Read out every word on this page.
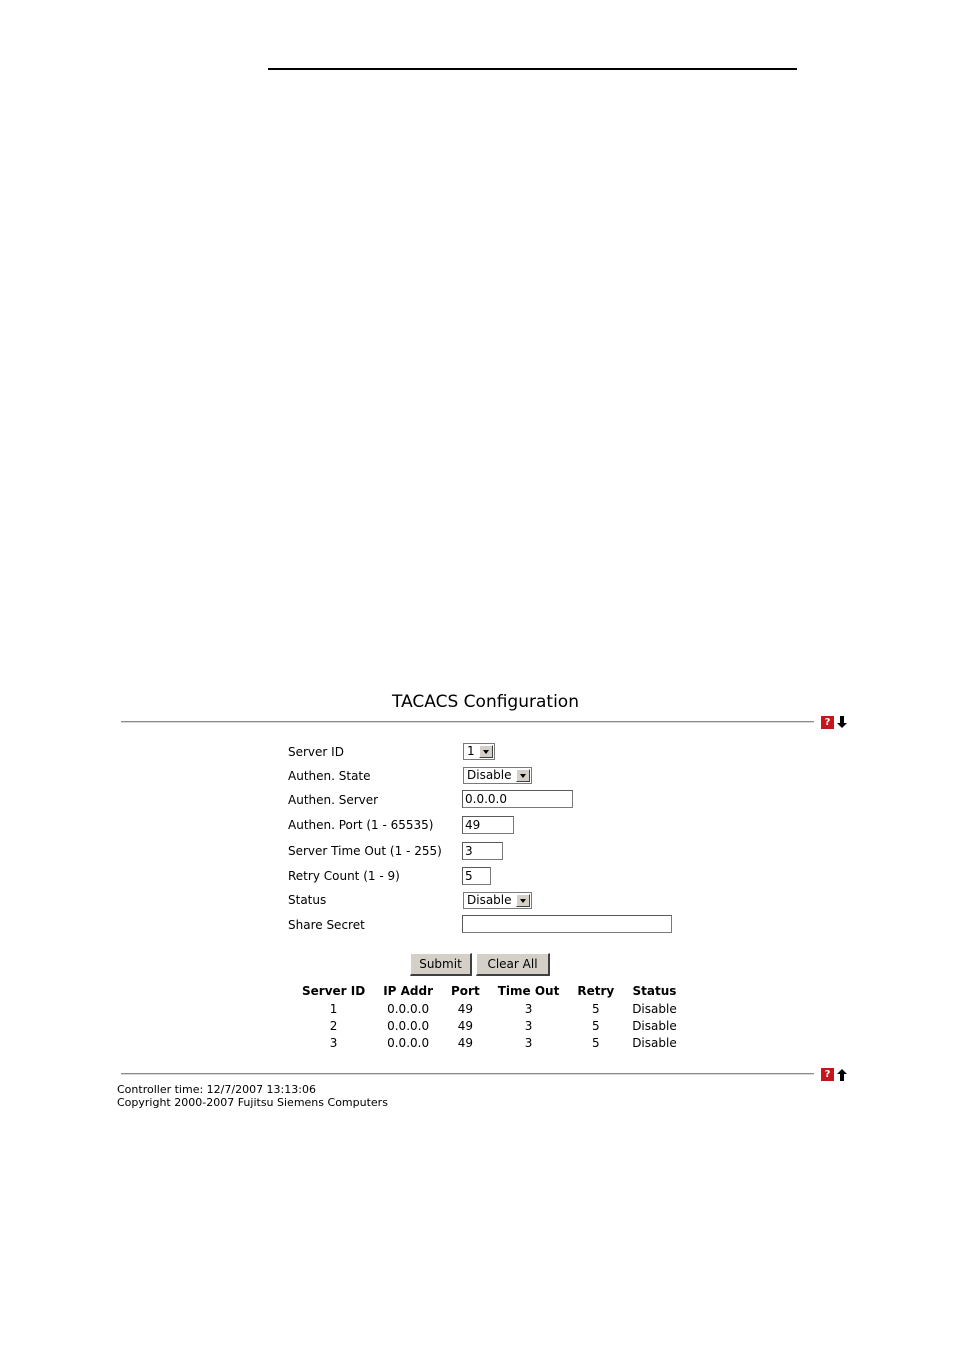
TACACS Configuration
?
Server ID	1
Authen. State	Disable
Authen. Server	0.0.0.0
Authen. Port (1 - 65535)	49
Server Time Out (1 - 255)	3
Retry Count (1 - 9)	5
Status	Disable
Share Secret
Submit	Clear All
Server ID	IP Addr	Port	Time Out	Retry	Status
1	0.0.0.0	49	3	5	Disable
2	0.0.0.0	49	3	5	Disable
3	0.0.0.0	49	3	5	Disable
?
Controller time: 12/7/2007 13:13:06
Copyright 2000-2007 Fujitsu Siemens Computers
